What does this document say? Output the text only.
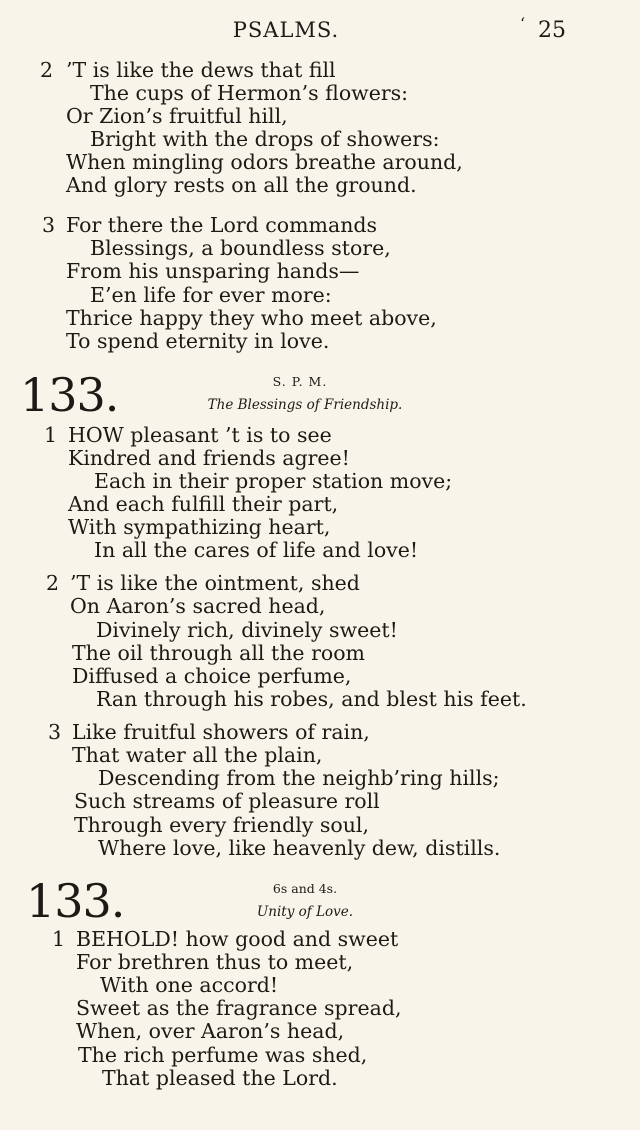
PSALMS.	‘ 25
2 ’T is like the dews that fill
The cups of Hermon’s flowers:
Or Zion’s fruitful hill,
Bright with the drops of showers:
When mingling odors breathe around,
And glory rests on all the ground.
3 For there the Lord commands
Blessings, a boundless store,
From his unsparing hands—
E’en life for ever more:
Thrice happy they who meet above,
To spend eternity in love.
133.	S. P. M.
The Blessings of Friendship.
1 HOW pleasant ’t is to see
Kindred and friends agree!
Each in their proper station move;
And each fulfill their part,
With sympathizing heart,
In all the cares of life and love!
2 ’T is like the ointment, shed
On Aaron’s sacred head,
Divinely rich, divinely sweet!
The oil through all the room
Diffused a choice perfume,
Ran through his robes, and blest his feet.
3 Like fruitful showers of rain,
That water all the plain,
Descending from the neighb’ring hills;
Such streams of pleasure roll
Through every friendly soul,
Where love, like heavenly dew, distills.
133.	6s and 4s.
Unity of Love.
1 BEHOLD! how good and sweet
For brethren thus to meet,
With one accord!
Sweet as the fragrance spread,
When, over Aaron’s head,
The rich perfume was shed,
That pleased the Lord.
